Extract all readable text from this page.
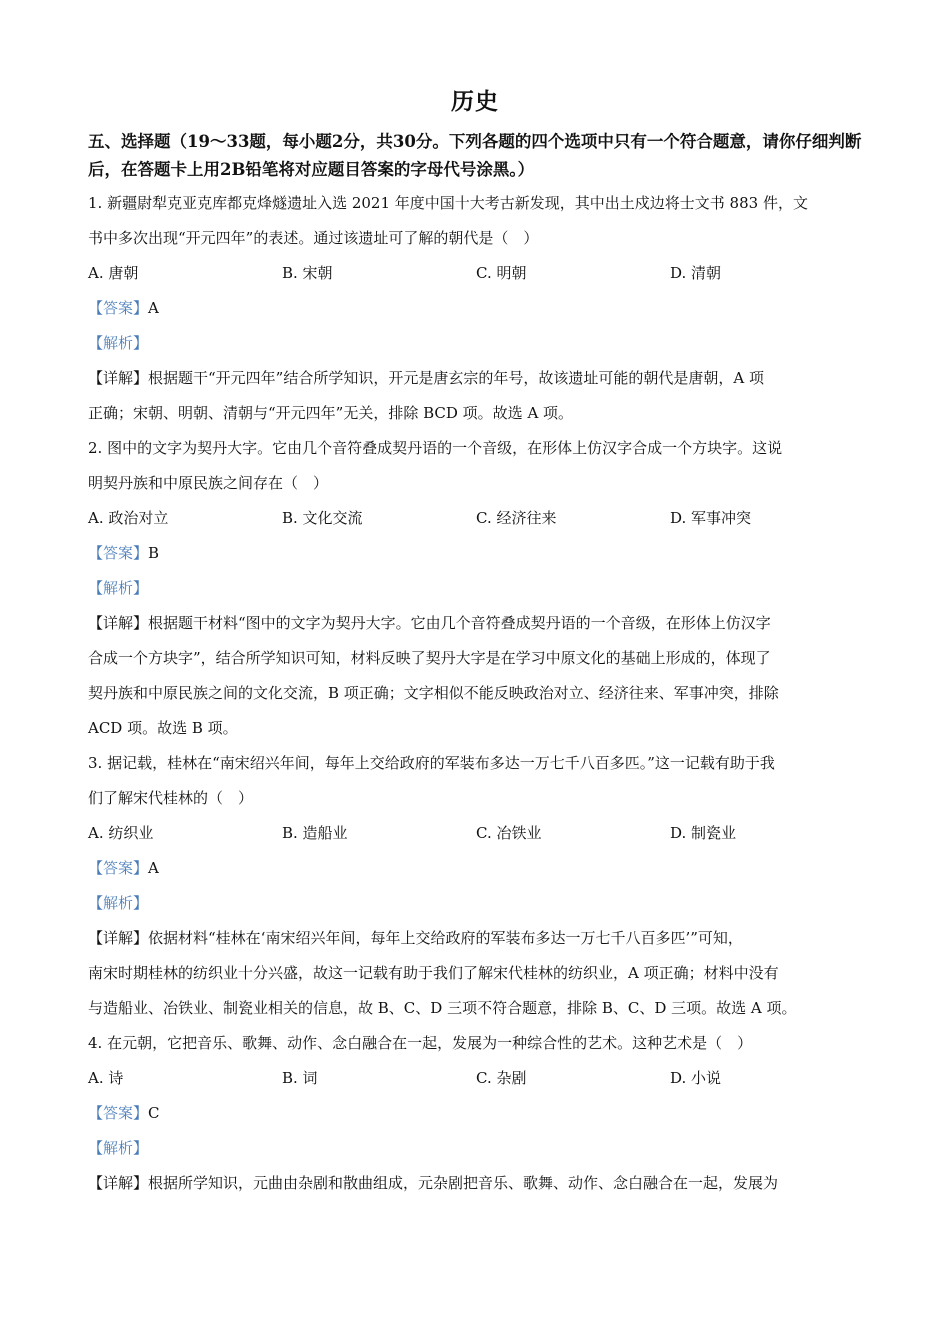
历史
五、选择题（19～33题，每小题2分，共30分。下列各题的四个选项中只有一个符合题意，请你仔细判断后，在答题卡上用2B铅笔将对应题目答案的字母代号涂黑。）
1. 新疆尉犁克亚克库都克烽燧遗址入选 2021 年度中国十大考古新发现，其中出土戍边将士文书 883 件，文
书中多次出现“开元四年”的表述。通过该遗址可了解的朝代是（　）
A. 唐朝	B. 宋朝	C. 明朝	D. 清朝
【答案】A
【解析】
【详解】根据题干“开元四年”结合所学知识，开元是唐玄宗的年号，故该遗址可能的朝代是唐朝，A 项
正确；宋朝、明朝、清朝与“开元四年”无关，排除 BCD 项。故选 A 项。
2. 图中的文字为契丹大字。它由几个音符叠成契丹语的一个音级，在形体上仿汉字合成一个方块字。这说
明契丹族和中原民族之间存在（　）
A. 政治对立	B. 文化交流	C. 经济往来	D. 军事冲突
【答案】B
【解析】
【详解】根据题干材料“图中的文字为契丹大字。它由几个音符叠成契丹语的一个音级，在形体上仿汉字
合成一个方块字”，结合所学知识可知，材料反映了契丹大字是在学习中原文化的基础上形成的，体现了
契丹族和中原民族之间的文化交流，B 项正确；文字相似不能反映政治对立、经济往来、军事冲突，排除
ACD 项。故选 B 项。
3. 据记载，桂林在“南宋绍兴年间，每年上交给政府的军装布多达一万七千八百多匹。”这一记载有助于我
们了解宋代桂林的（　）
A. 纺织业	B. 造船业	C. 冶铁业	D. 制瓷业
【答案】A
【解析】
【详解】依据材料“桂林在‘南宋绍兴年间，每年上交给政府的军装布多达一万七千八百多匹’”可知，
南宋时期桂林的纺织业十分兴盛，故这一记载有助于我们了解宋代桂林的纺织业，A 项正确；材料中没有
与造船业、冶铁业、制瓷业相关的信息，故 B、C、D 三项不符合题意，排除 B、C、D 三项。故选 A 项。
4. 在元朝，它把音乐、歌舞、动作、念白融合在一起，发展为一种综合性的艺术。这种艺术是（　）
A. 诗	B. 词	C. 杂剧	D. 小说
【答案】C
【解析】
【详解】根据所学知识，元曲由杂剧和散曲组成，元杂剧把音乐、歌舞、动作、念白融合在一起，发展为
